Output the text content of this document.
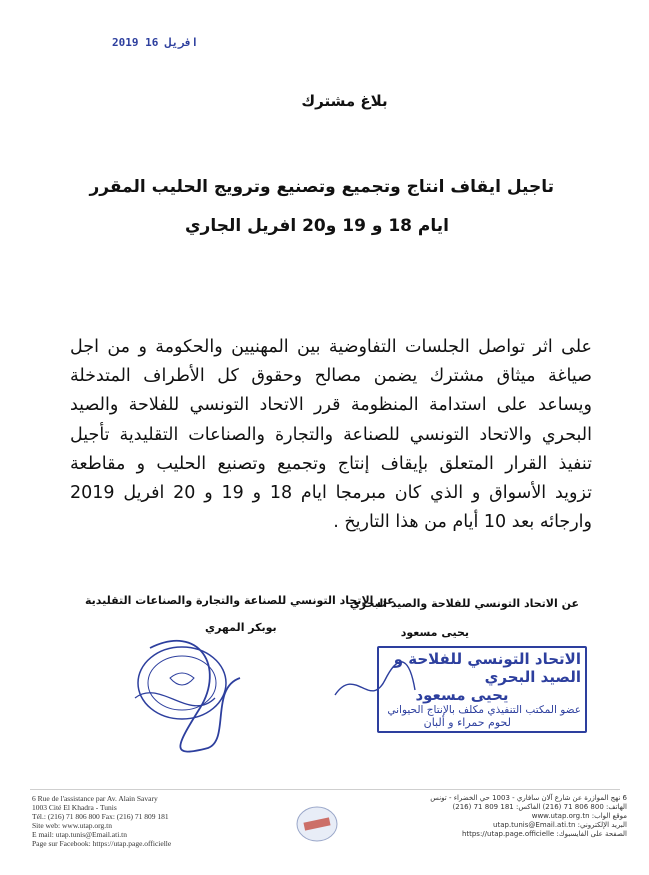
2019 افريل 16
بلاغ مشترك
تاجيل ايقاف انتاج وتجميع وتصنيع وترويج الحليب المقرر
ايام 18 و 19 و20 افريل الجاري
على اثر تواصل الجلسات التفاوضية بين المهنيين والحكومة و من اجل
صياغة ميثاق مشترك يضمن مصالح وحقوق كل الأطراف المتدخلة
ويساعد على استدامة المنظومة قرر الاتحاد التونسي للفلاحة والصيد
البحري والاتحاد التونسي للصناعة والتجارة والصناعات التقليدية تأجيل
تنفيذ القرار المتعلق بإيقاف إنتاج وتجميع وتصنيع الحليب و مقاطعة
تزويد الأسواق و الذي كان مبرمجا ايام 18 و 19 و 20 افريل 2019
وارجائه بعد 10 أيام من هذا التاريخ .
عن الاتحاد التونسي للفلاحة والصيد البحري
عن الإتحاد التونسي للصناعة والتجارة والصناعات التقليدية
يحيى مسعود
بوبكر المهري
الاتحاد التونسي للفلاحة و الصيد البحري
يحيى مسعود
عضو المكتب التنفيذي مكلف بالإنتاج الحيواني
لحوم حمراء و ألبان
6 Rue de l'assistance par Av. Alain Savary
1003 Cité El Khadra - Tunis
Tél.: (216) 71 806 800 Fax: (216) 71 809 181
Site web: www.utap.org.tn
E mail: utap.tunis@Email.ati.tn
Page sur Facebook: https://utap.page.officielle
6 نهج الموازرة عن شارع آلان سافاري - 1003 حي الخضراء - تونس
الهاتف: 800 806 71 (216) الفاكس: 181 809 71 (216)
موقع الواب: www.utap.org.tn
البريد الإلكتروني: utap.tunis@Email.ati.tn
الصفحة على الفايسبوك: https://utap.page.officielle
